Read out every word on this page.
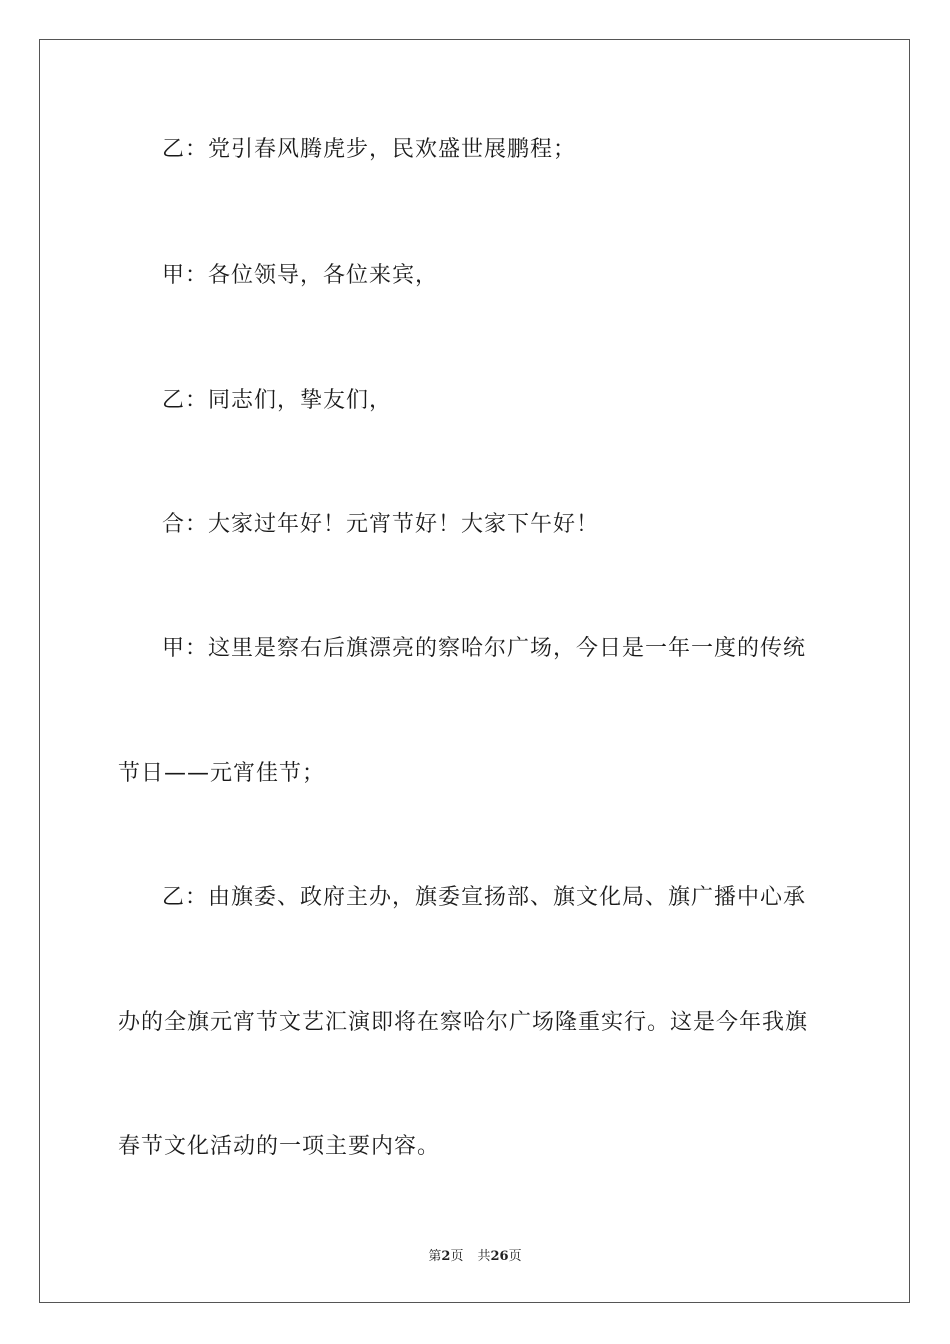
乙：党引春风腾虎步，民欢盛世展鹏程；
甲：各位领导，各位来宾，
乙：同志们，挚友们，
合：大家过年好！元宵节好！大家下午好！
甲：这里是察右后旗漂亮的察哈尔广场，今日是一年一度的传统
节日——元宵佳节；
乙：由旗委、政府主办，旗委宣扬部、旗文化局、旗广播中心承
办的全旗元宵节文艺汇演即将在察哈尔广场隆重实行。这是今年我旗
春节文化活动的一项主要内容。
第2页 共26页
